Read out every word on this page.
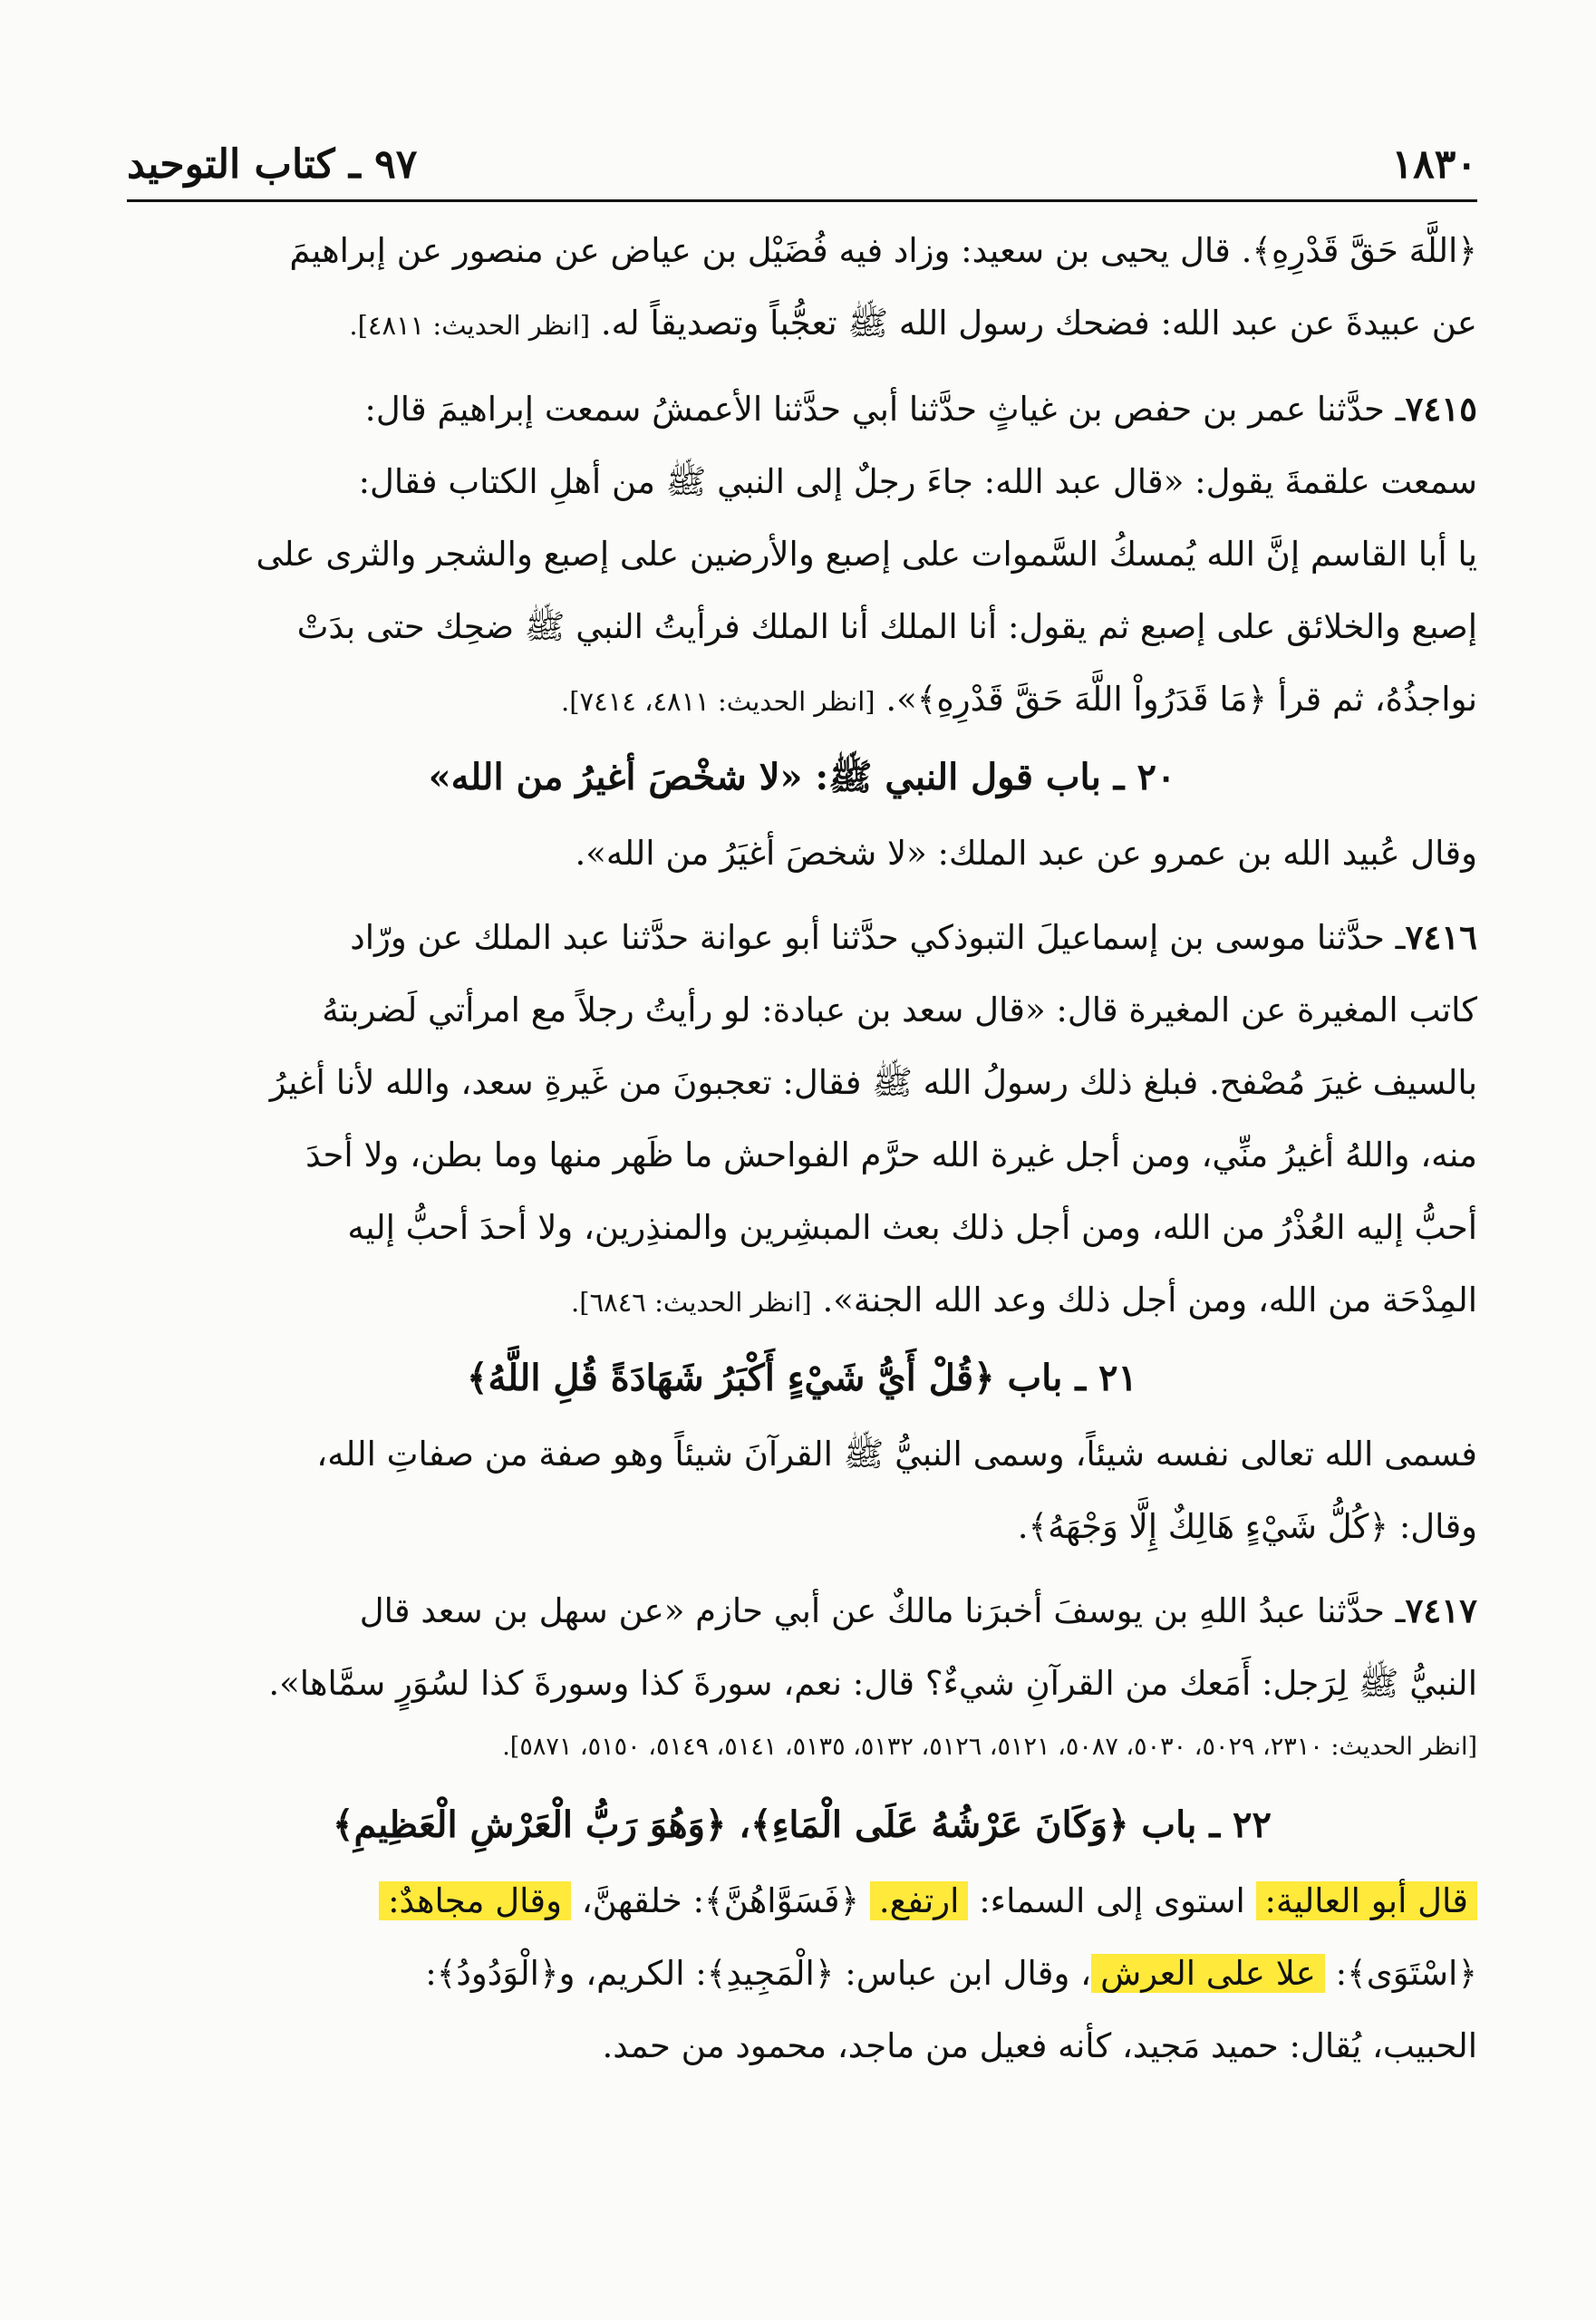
١٨٣٠
٩٧ ـ كتاب التوحيد

﴿اللَّهَ حَقَّ قَدْرِهِ﴾. قال يحيى بن سعيد: وزاد فيه فُضَيْل بن عياض عن منصور عن إبراهيمَ

عن عبيدةَ عن عبد الله: فضحك رسول الله ﷺ تعجُّباً وتصديقاً له. [انظر الحديث: ٤٨١١].

٧٤١٥ـ حدَّثنا عمر بن حفص بن غياثٍ حدَّثنا أبي حدَّثنا الأعمشُ سمعت إبراهيمَ قال:

سمعت علقمةَ يقول: «قال عبد الله: جاءَ رجلٌ إلى النبي ﷺ من أهلِ الكتاب فقال:

يا أبا القاسم إنَّ الله يُمسكُ السَّموات على إصبع والأرضين على إصبع والشجر والثرى على

إصبع والخلائق على إصبع ثم يقول: أنا الملك أنا الملك فرأيتُ النبي ﷺ ضحِك حتى بدَتْ

نواجذُهُ، ثم قرأ ﴿مَا قَدَرُواْ اللَّهَ حَقَّ قَدْرِهِ﴾». [انظر الحديث: ٤٨١١، ٧٤١٤].

٢٠ ـ باب قول النبي ﷺ: «لا شخْصَ أغيرُ من الله»

وقال عُبيد الله بن عمرو عن عبد الملك: «لا شخصَ أغيَرُ من الله».

٧٤١٦ـ حدَّثنا موسى بن إسماعيلَ التبوذكي حدَّثنا أبو عوانة حدَّثنا عبد الملك عن ورّاد

كاتب المغيرة عن المغيرة قال: «قال سعد بن عبادة: لو رأيتُ رجلاً مع امرأتي لَضربتهُ

بالسيف غيرَ مُصْفح. فبلغ ذلك رسولُ الله ﷺ فقال: تعجبونَ من غَيرةِ سعد، والله لأنا أغيرُ

منه، واللهُ أغيرُ منِّي، ومن أجل غيرة الله حرَّم الفواحش ما ظَهر منها وما بطن، ولا أحدَ

أحبُّ إليه العُذْرُ من الله، ومن أجل ذلك بعث المبشِرين والمنذِرين، ولا أحدَ أحبُّ إليه

المِدْحَة من الله، ومن أجل ذلك وعد الله الجنة». [انظر الحديث: ٦٨٤٦].

٢١ ـ باب ﴿قُلْ أَيُّ شَيْءٍ أَكْبَرُ شَهَادَةً قُلِ اللَّهُ﴾

فسمى الله تعالى نفسه شيئاً، وسمى النبيُّ ﷺ القرآنَ شيئاً وهو صفة من صفاتِ الله،

وقال: ﴿كُلُّ شَيْءٍ هَالِكٌ إِلَّا وَجْهَهُ﴾.

٧٤١٧ـ حدَّثنا عبدُ اللهِ بن يوسفَ أخبرَنا مالكٌ عن أبي حازم «عن سهل بن سعد قال

النبيُّ ﷺ لِرَجل: أَمَعك من القرآنِ شيءٌ؟ قال: نعم، سورةَ كذا وسورةَ كذا لسُوَرٍ سمَّاها».

[انظر الحديث: ٢٣١٠، ٥٠٢٩، ٥٠٣٠، ٥٠٨٧، ٥١٢١، ٥١٢٦، ٥١٣٢، ٥١٣٥، ٥١٤١، ٥١٤٩، ٥١٥٠، ٥٨٧١].

٢٢ ـ باب ﴿وَكَانَ عَرْشُهُ عَلَى الْمَاءِ﴾، ﴿وَهُوَ رَبُّ الْعَرْشِ الْعَظِيمِ﴾

قال أبو العالية: استوى إلى السماء: ارتفع. ﴿فَسَوَّاهُنَّ﴾: خلقهنَّ، وقال مجاهدٌ:

﴿اسْتَوَى﴾: علا على العرش، وقال ابن عباس: ﴿الْمَجِيدِ﴾: الكريم، و﴿الْوَدُودُ﴾:

الحبيب، يُقال: حميد مَجيد، كأنه فعيل من ماجد، محمود من حمد.
